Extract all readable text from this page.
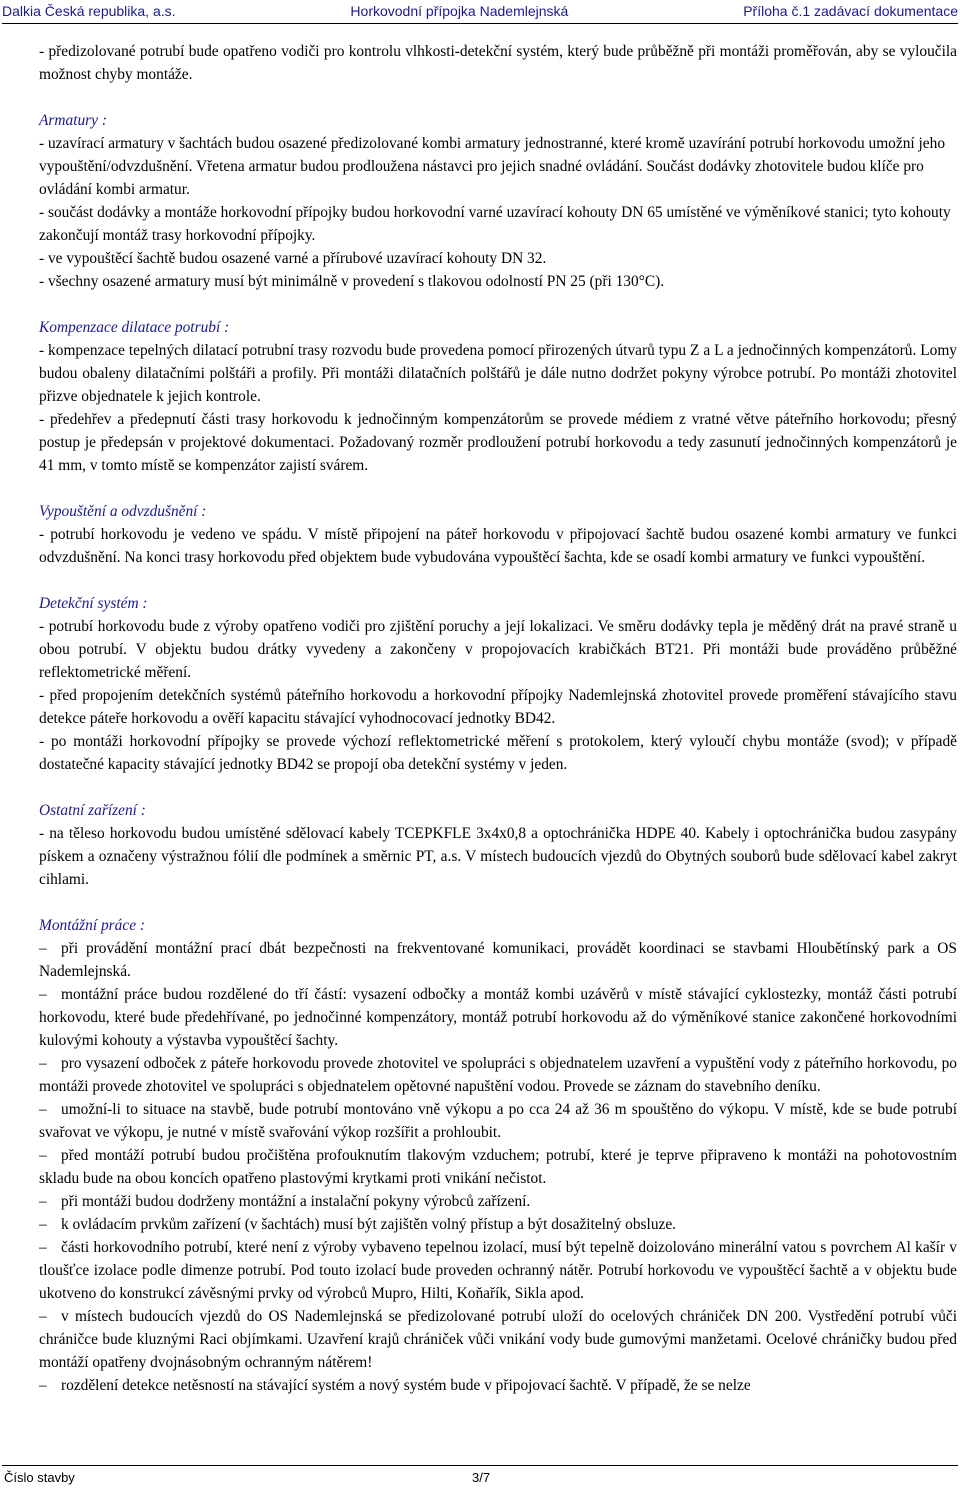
Dalkia Česká republika, a.s.	Horkovodní přípojka Nademlejnská	Příloha č.1 zadávací dokumentace

- předizolované potrubí bude opatřeno vodiči pro kontrolu vlhkosti-detekční systém, který bude průběžně při montáži proměřován, aby se vyloučila možnost chyby montáže.

Armatury :

- uzavírací armatury v šachtách budou osazené předizolované kombi armatury jednostranné, které kromě uzavírání potrubí horkovodu umožní jeho vypouštění/odvzdušnění. Vřetena armatur budou prodloužena nástavci pro jejich snadné ovládání. Součást dodávky zhotovitele budou klíče pro ovládání kombi armatur.

- součást dodávky a montáže horkovodní přípojky budou horkovodní varné uzavírací kohouty DN 65 umístěné ve výměníkové stanici; tyto kohouty zakončují montáž trasy horkovodní přípojky.

- ve vypouštěcí šachtě budou osazené varné a přírubové uzavírací kohouty DN 32.

- všechny osazené armatury musí být minimálně v provedení s tlakovou odolností PN 25 (při 130°C).

Kompenzace dilatace potrubí :

- kompenzace tepelných dilatací potrubní trasy rozvodu bude provedena pomocí přirozených útvarů typu Z a L a jednočinných kompenzátorů. Lomy budou obaleny dilatačními polštáři a profily. Při montáži dilatačních polštářů je dále nutno dodržet pokyny výrobce potrubí. Po montáži zhotovitel přizve objednatele k jejich kontrole.

- předehřev a předepnutí části trasy horkovodu k jednočinným kompenzátorům se provede médiem z vratné větve páteřního horkovodu; přesný postup je předepsán v projektové dokumentaci. Požadovaný rozměr prodloužení potrubí horkovodu a tedy zasunutí jednočinných kompenzátorů je 41 mm, v tomto místě se kompenzátor zajistí svárem.

Vypouštění a odvzdušnění :

- potrubí horkovodu je vedeno ve spádu. V místě připojení na páteř horkovodu v připojovací šachtě budou osazené kombi armatury ve funkci odvzdušnění. Na konci trasy horkovodu před objektem bude vybudována vypouštěcí šachta, kde se osadí kombi armatury ve funkci vypouštění.

Detekční systém :

- potrubí horkovodu bude z výroby opatřeno vodiči pro zjištění poruchy a její lokalizaci. Ve směru dodávky tepla je měděný drát na pravé straně u obou potrubí. V objektu budou drátky vyvedeny a zakončeny v propojovacích krabičkách BT21. Při montáži bude prováděno průběžné reflektometrické měření.

- před propojením detekčních systémů páteřního horkovodu a horkovodní přípojky Nademlejnská zhotovitel provede proměření stávajícího stavu detekce páteře horkovodu a ověří kapacitu stávající vyhodnocovací jednotky BD42.

- po montáži horkovodní přípojky se provede výchozí reflektometrické měření s protokolem, který vyloučí chybu montáže (svod); v případě dostatečné kapacity stávající jednotky BD42 se propojí oba detekční systémy v jeden.

Ostatní zařízení :

- na těleso horkovodu budou umístěné sdělovací kabely TCEPKFLE 3x4x0,8 a optochránička HDPE 40. Kabely i optochránička budou zasypány pískem a označeny výstražnou fólií dle podmínek a směrnic PT, a.s. V místech budoucích vjezdů do Obytných souborů bude sdělovací kabel zakryt cihlami.

Montážní práce :

– při provádění montážní prací dbát bezpečnosti na frekventované komunikaci, provádět koordinaci se stavbami Hloubětínský park a OS Nademlejnská.

– montážní práce budou rozdělené do tří částí: vysazení odbočky a montáž kombi uzávěrů v místě stávající cyklostezky, montáž části potrubí horkovodu, které bude předehřívané, po jednočinné kompenzátory, montáž potrubí horkovodu až do výměníkové stanice zakončené horkovodními kulovými kohouty a výstavba vypouštěcí šachty.

– pro vysazení odboček z páteře horkovodu provede zhotovitel ve spolupráci s objednatelem uzavření a vypuštění vody z páteřního horkovodu, po montáži provede zhotovitel ve spolupráci s objednatelem opětovné napuštění vodou. Provede se záznam do stavebního deníku.

– umožní-li to situace na stavbě, bude potrubí montováno vně výkopu a po cca 24 až 36 m spouštěno do výkopu. V místě, kde se bude potrubí svařovat ve výkopu, je nutné v místě svařování výkop rozšířit a prohloubit.

– před montáží potrubí budou pročištěna profouknutím tlakovým vzduchem; potrubí, které je teprve připraveno k montáži na pohotovostním skladu bude na obou koncích opatřeno plastovými krytkami proti vnikání nečistot.

– při montáži budou dodrženy montážní a instalační pokyny výrobců zařízení.

– k ovládacím prvkům zařízení (v šachtách) musí být zajištěn volný přístup a být dosažitelný obsluze.

– části horkovodního potrubí, které není z výroby vybaveno tepelnou izolací, musí být tepelně doizolováno minerální vatou s povrchem Al kašír v tloušťce izolace podle dimenze potrubí. Pod touto izolací bude proveden ochranný nátěr. Potrubí horkovodu ve vypouštěcí šachtě a v objektu bude ukotveno do konstrukcí závěsnými prvky od výrobců Mupro, Hilti, Koňařík, Sikla apod.

– v místech budoucích vjezdů do OS Nademlejnská se předizolované potrubí uloží do ocelových chrániček DN 200. Vystředění potrubí vůči chráničce bude kluznými Raci objímkami. Uzavření krajů chrániček vůči vnikání vody bude gumovými manžetami. Ocelové chráničky budou před montáží opatřeny dvojnásobným ochranným nátěrem!

– rozdělení detekce netěsností na stávající systém a nový systém bude v připojovací šachtě. V případě, že se nelze

Číslo stavby	3/7
